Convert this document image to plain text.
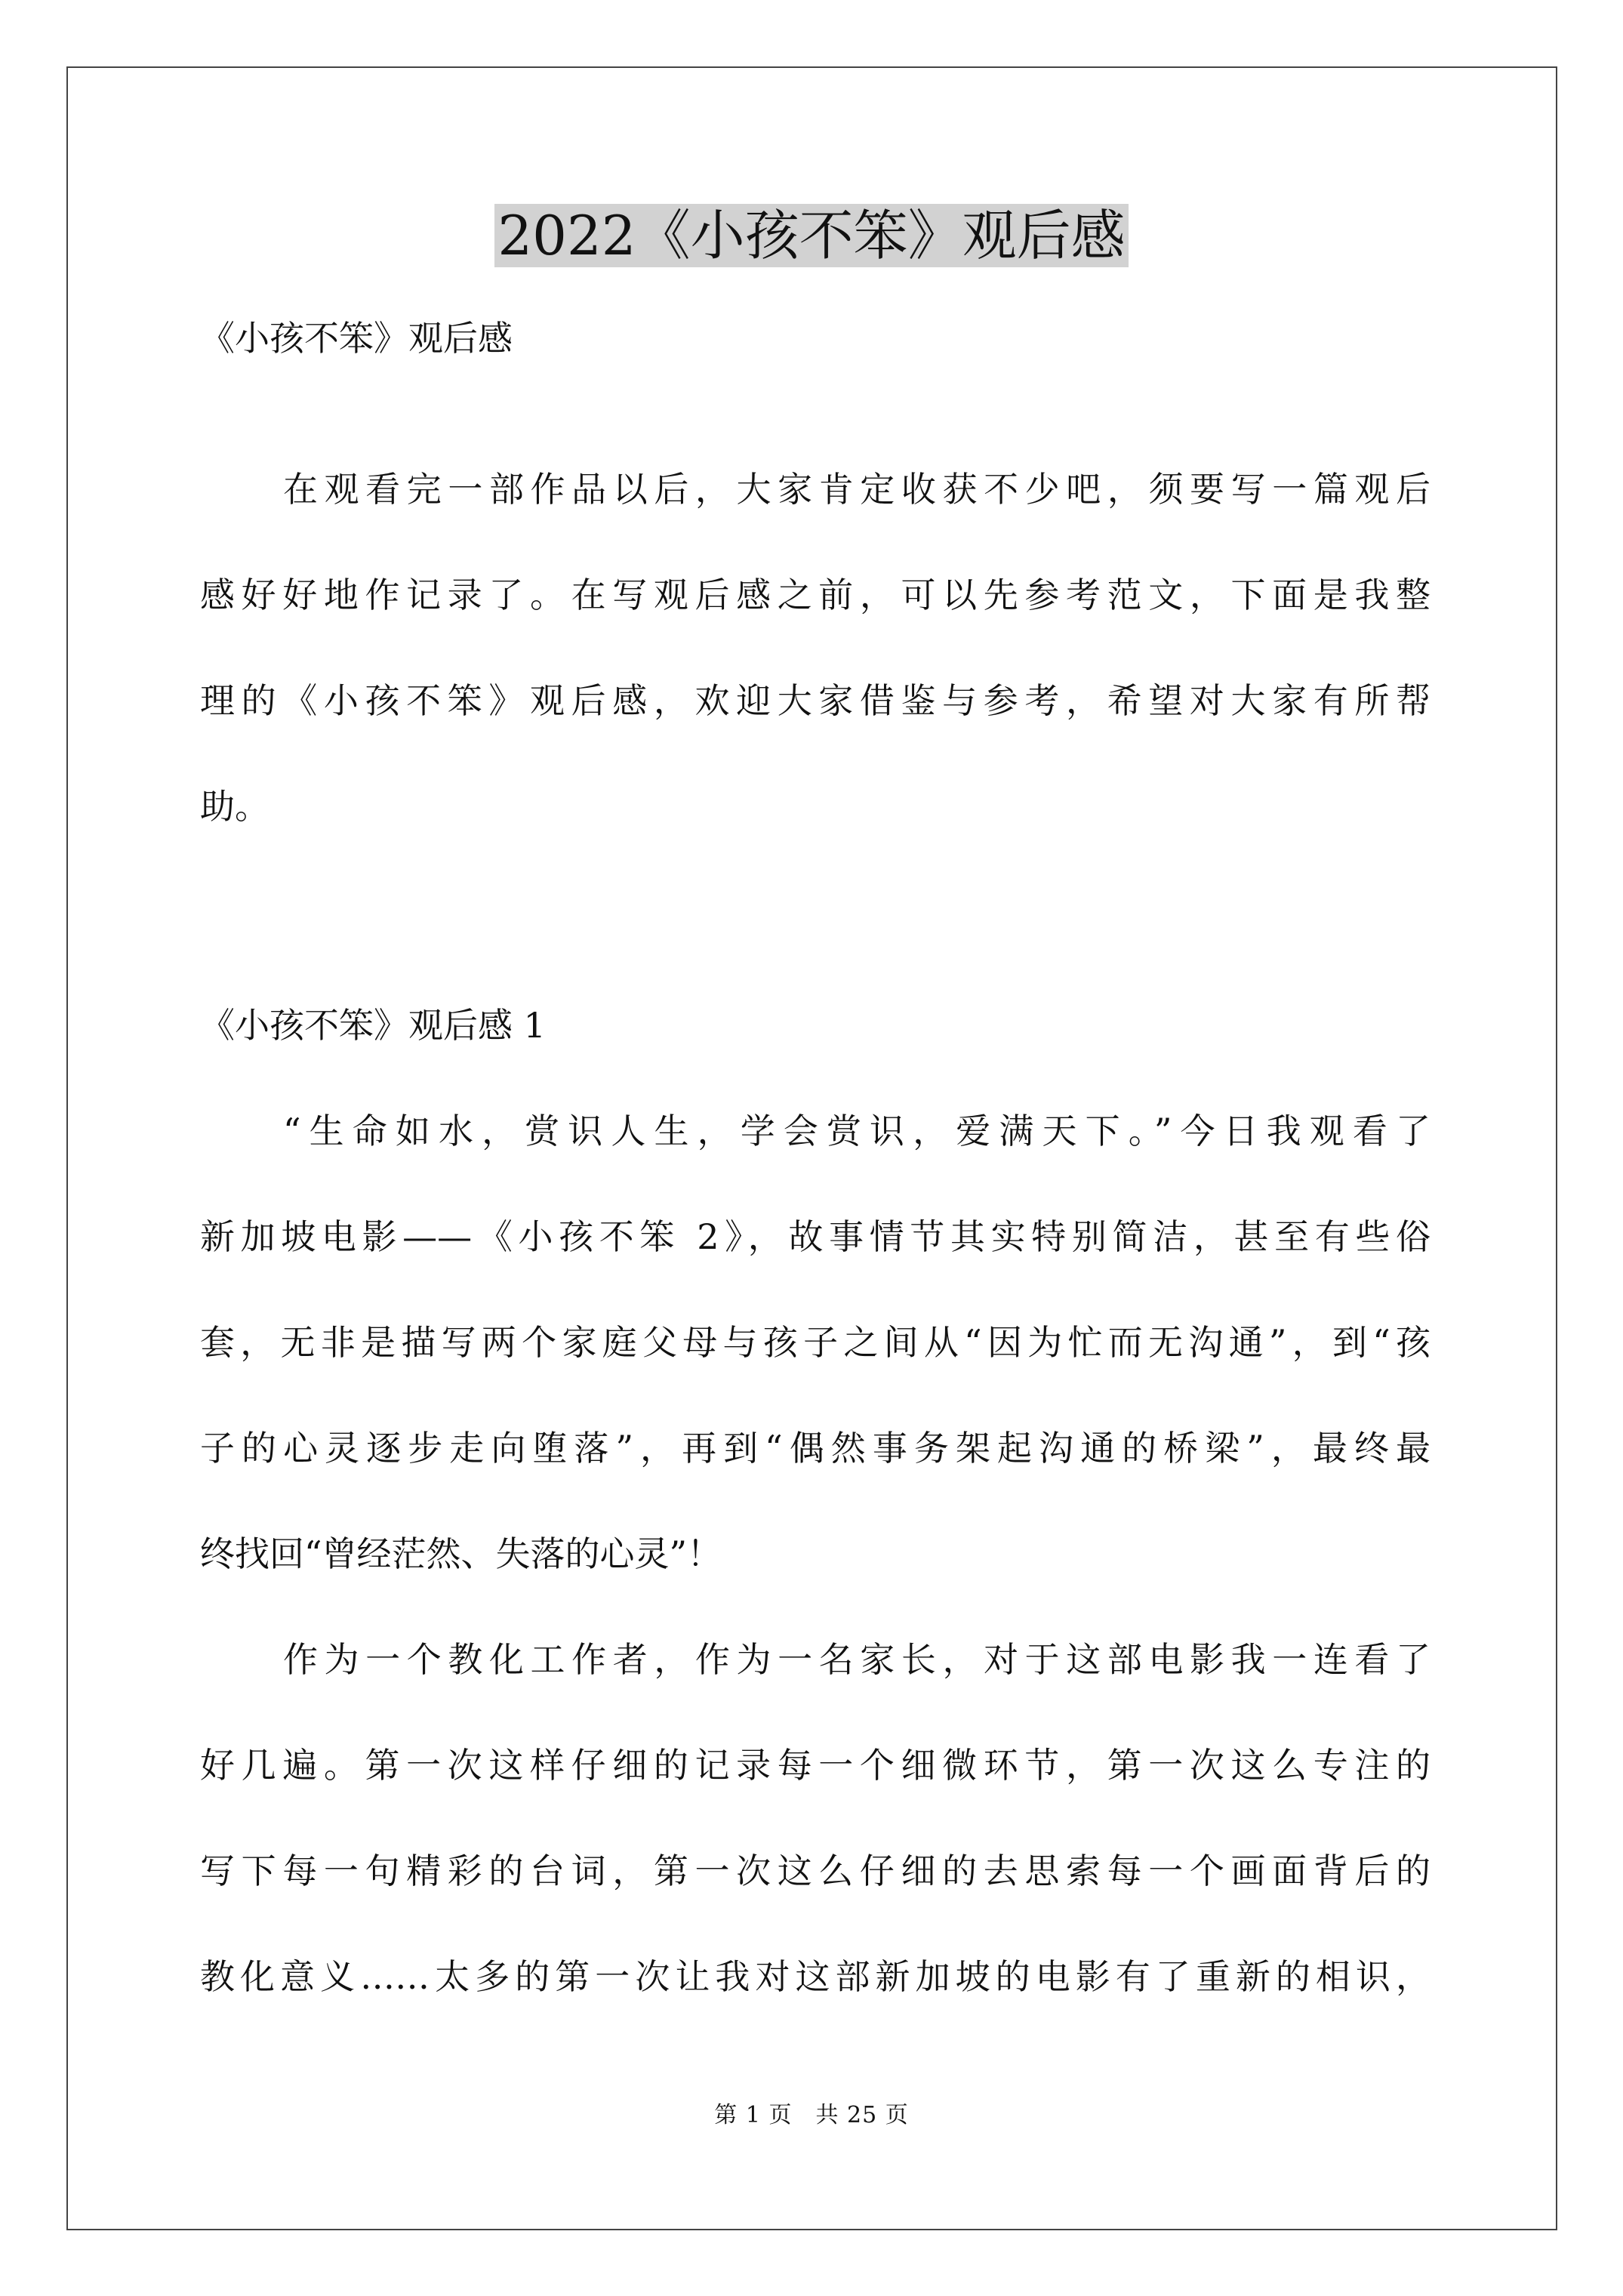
2022《小孩不笨》观后感
《小孩不笨》观后感
在观看完一部作品以后，大家肯定收获不少吧，须要写一篇观后
感好好地作记录了。在写观后感之前，可以先参考范文，下面是我整
理的《小孩不笨》观后感，欢迎大家借鉴与参考，希望对大家有所帮
助。
《小孩不笨》观后感 1
“生命如水，赏识人生，学会赏识，爱满天下。”今日我观看了
新加坡电影——《小孩不笨 2》，故事情节其实特别简洁，甚至有些俗
套，无非是描写两个家庭父母与孩子之间从“因为忙而无沟通”，到“孩
子的心灵逐步走向堕落”，再到“偶然事务架起沟通的桥梁”，最终最
终找回“曾经茫然、失落的心灵”！
作为一个教化工作者，作为一名家长，对于这部电影我一连看了
好几遍。第一次这样仔细的记录每一个细微环节，第一次这么专注的
写下每一句精彩的台词，第一次这么仔细的去思索每一个画面背后的
教化意义……太多的第一次让我对这部新加坡的电影有了重新的相识，
第 1 页　共 25 页
